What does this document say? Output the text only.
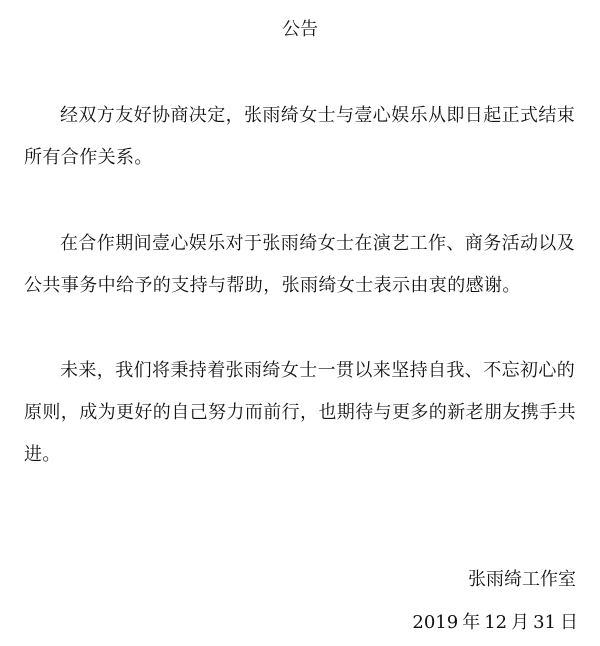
公告
经双方友好协商决定，张雨绮女士与壹心娱乐从即日起正式结束所有合作关系。
在合作期间壹心娱乐对于张雨绮女士在演艺工作、商务活动以及公共事务中给予的支持与帮助，张雨绮女士表示由衷的感谢。
未来，我们将秉持着张雨绮女士一贯以来坚持自我、不忘初心的原则，成为更好的自己努力而前行，也期待与更多的新老朋友携手共进。
张雨绮工作室
2019 年 12 月 31 日
